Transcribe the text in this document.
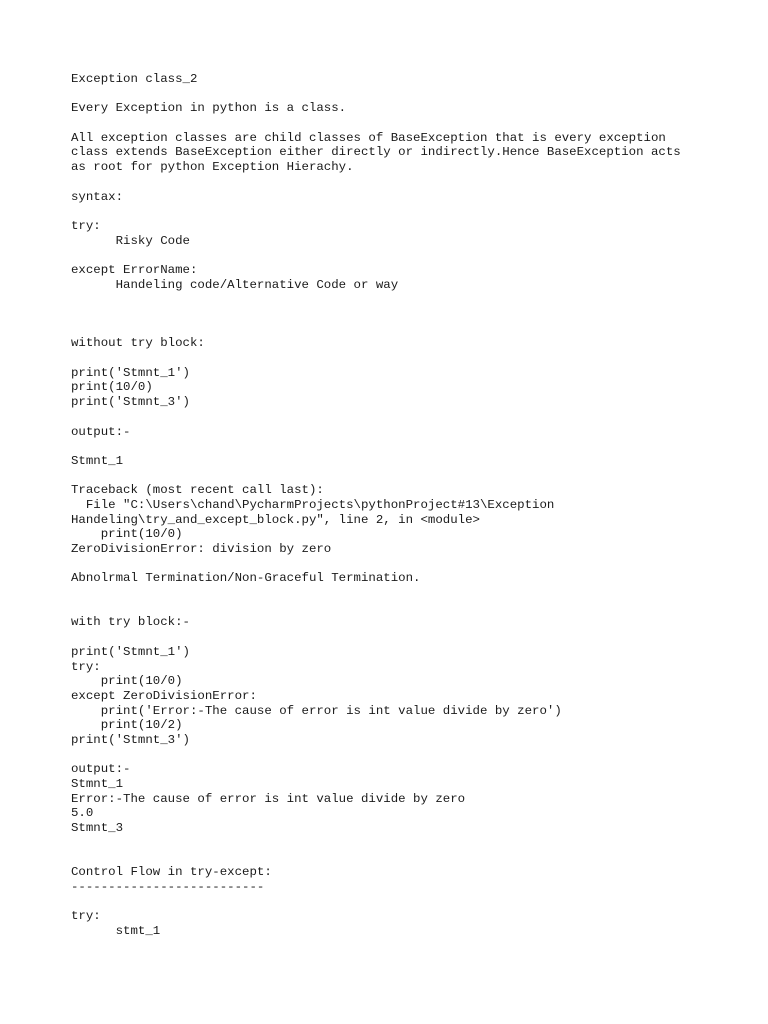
Exception class_2
Every Exception in python is a class.
All exception classes are child classes of BaseException that is every exception
class extends BaseException either directly or indirectly.Hence BaseException acts
as root for python Exception Hierachy.
syntax:
try:
Risky Code
except ErrorName:
Handeling code/Alternative Code or way
without try block:
print('Stmnt_1')
print(10/0)
print('Stmnt_3')
output:-
Stmnt_1
Traceback (most recent call last):
File "C:\Users\chand\PycharmProjects\pythonProject#13\Exception
Handeling\try_and_except_block.py", line 2, in <module>
print(10/0)
ZeroDivisionError: division by zero
Abnolrmal Termination/Non-Graceful Termination.
with try block:-
print('Stmnt_1')
try:
print(10/0)
except ZeroDivisionError:
print('Error:-The cause of error is int value divide by zero')
print(10/2)
print('Stmnt_3')
output:-
Stmnt_1
Error:-The cause of error is int value divide by zero
5.0
Stmnt_3
Control Flow in try-except:
--------------------------
try:
stmt_1
